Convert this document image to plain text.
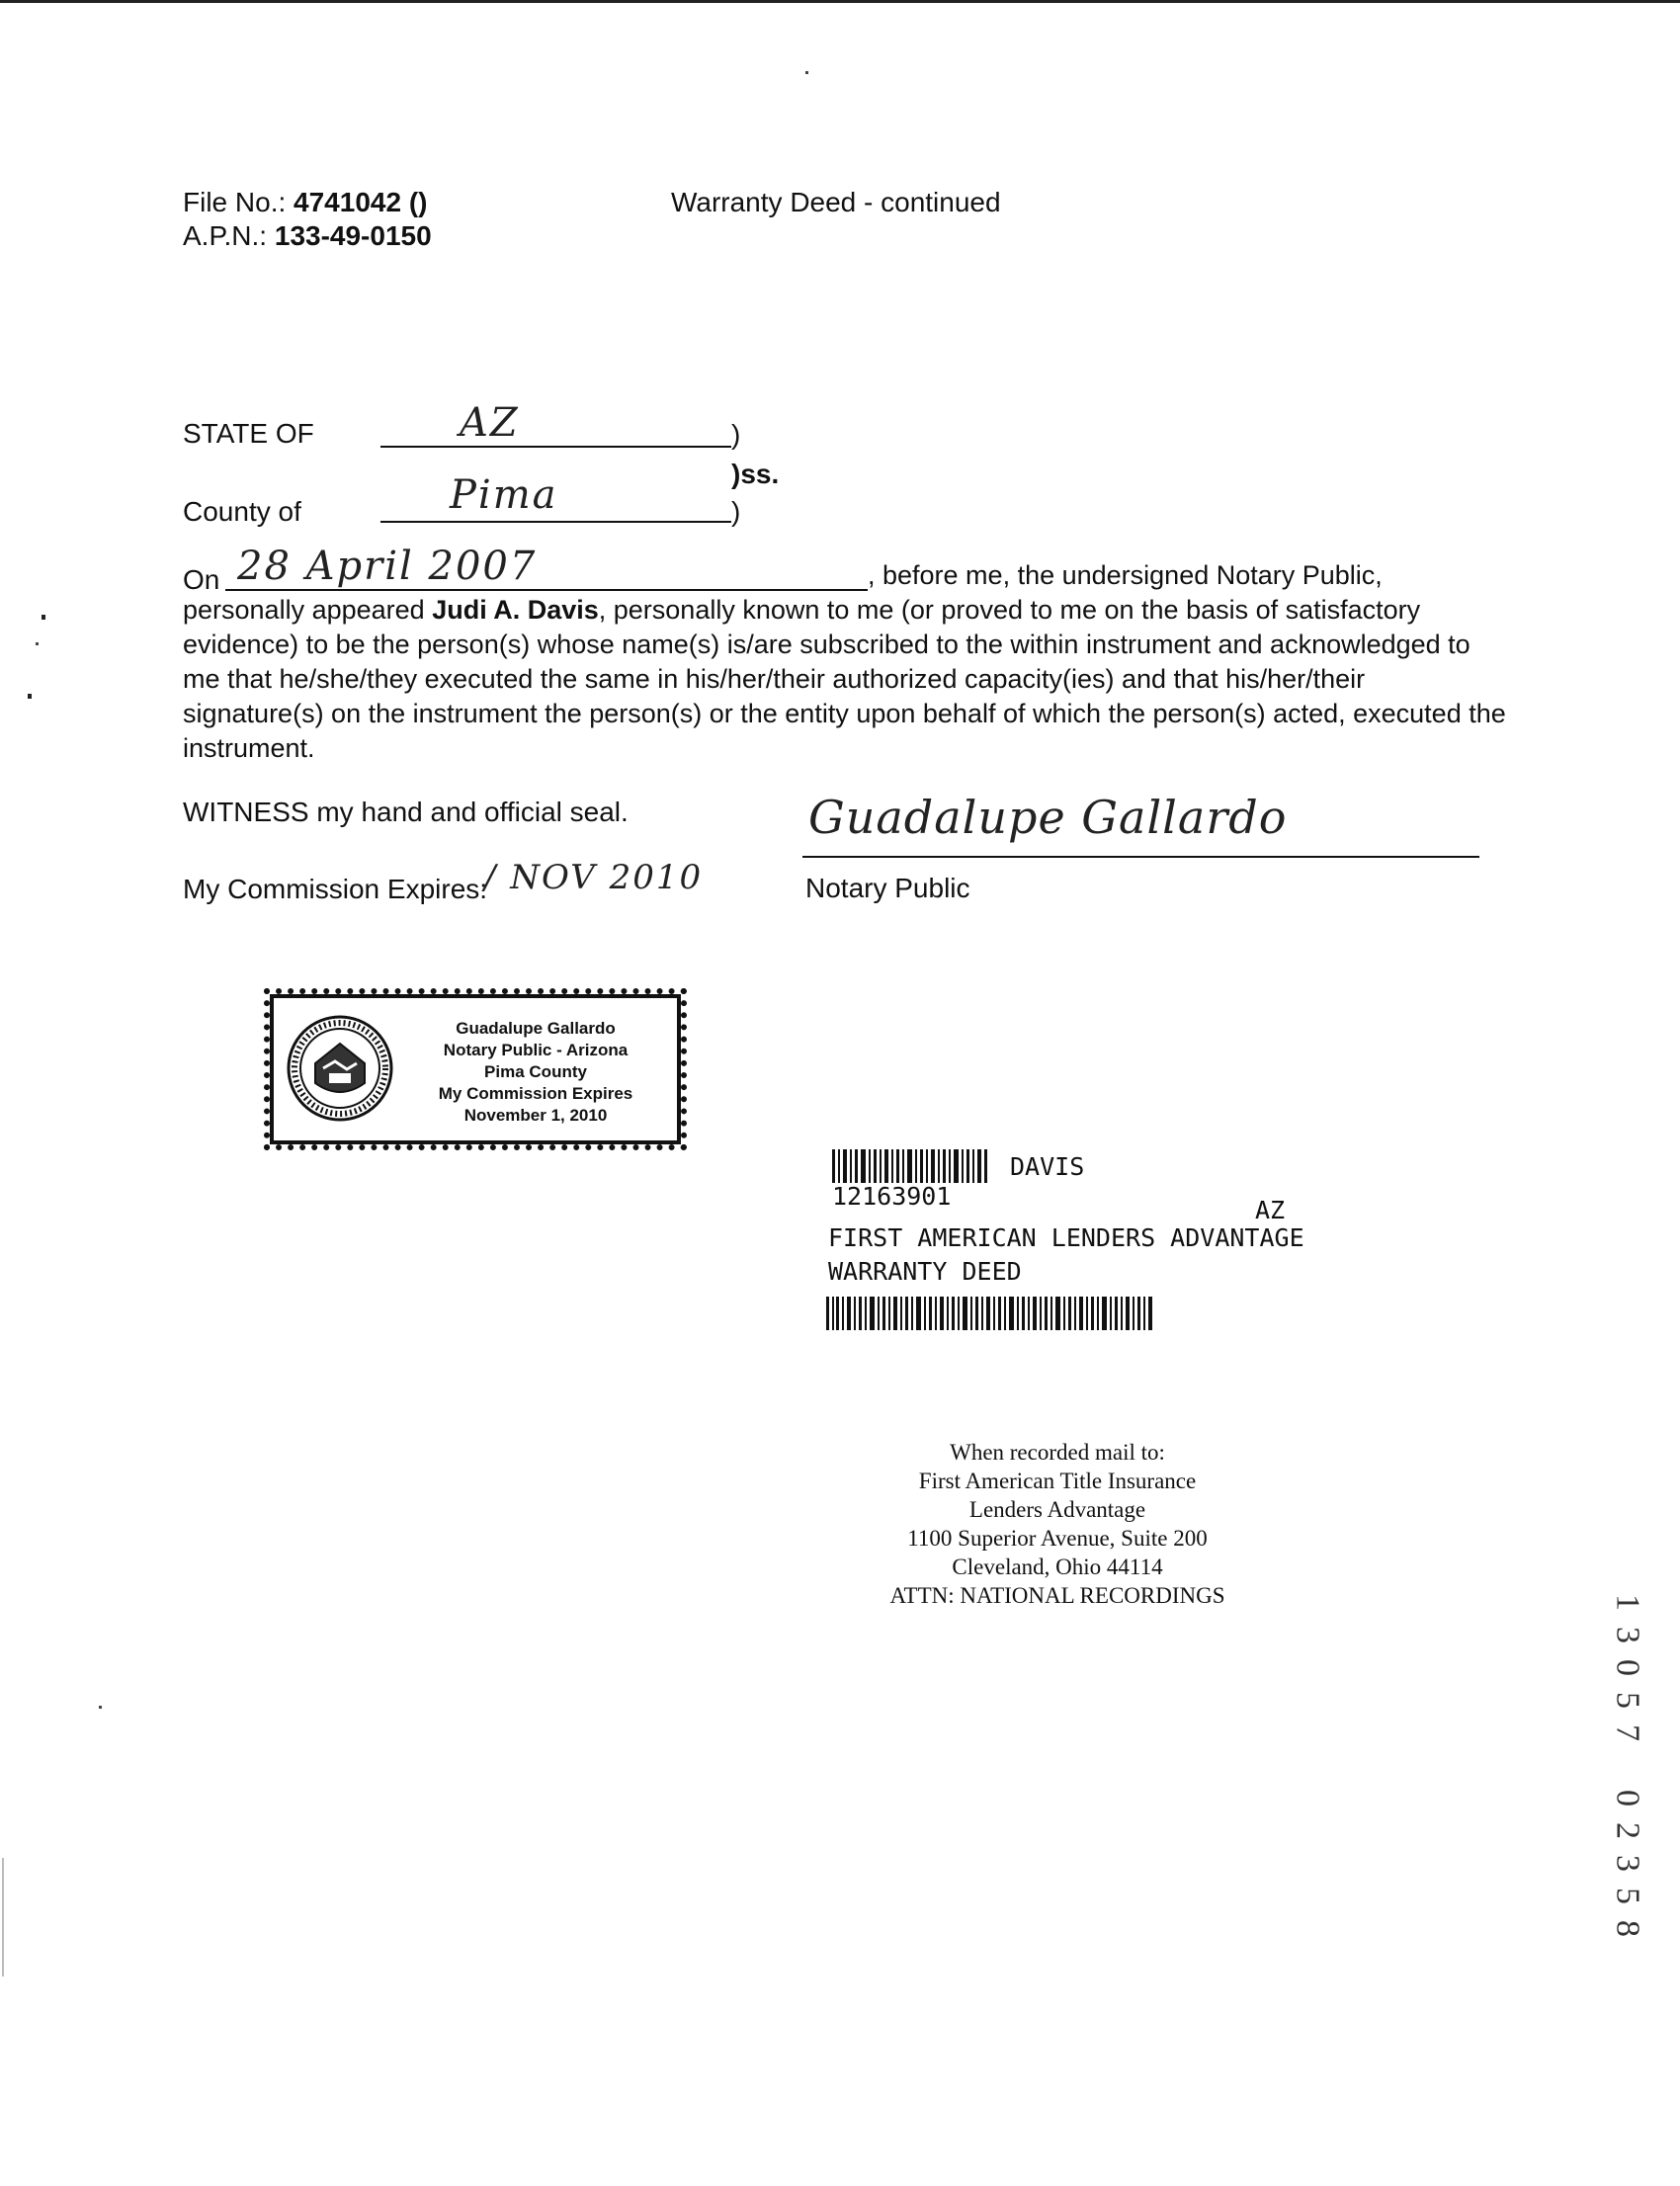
File No.: 4741042 ()
A.P.N.: 133-49-0150
Warranty Deed - continued
STATE OF	AZ	)
)ss.
County of	Pima	)
On 28 April 2007	, before me, the undersigned Notary Public,
personally appeared Judi A. Davis, personally known to me (or proved to me on the basis of satisfactory evidence) to be the person(s) whose name(s) is/are subscribed to the within instrument and acknowledged to me that he/she/they executed the same in his/her/their authorized capacity(ies) and that his/her/their signature(s) on the instrument the person(s) or the entity upon behalf of which the person(s) acted, executed the instrument.
WITNESS my hand and official seal.
My Commission Expires:
/ NOV 2010
Guadalupe Gallardo
Notary Public
Guadalupe Gallardo
Notary Public - Arizona
Pima County
My Commission Expires
November 1, 2010
DAVIS
12163901	AZ
FIRST AMERICAN LENDERS ADVANTAGE
WARRANTY DEED
When recorded mail to:
First American Title Insurance
Lenders Advantage
1100 Superior Avenue, Suite 200
Cleveland, Ohio 44114
ATTN: NATIONAL RECORDINGS	1
3
0
5
7

0
2
3
5
8
